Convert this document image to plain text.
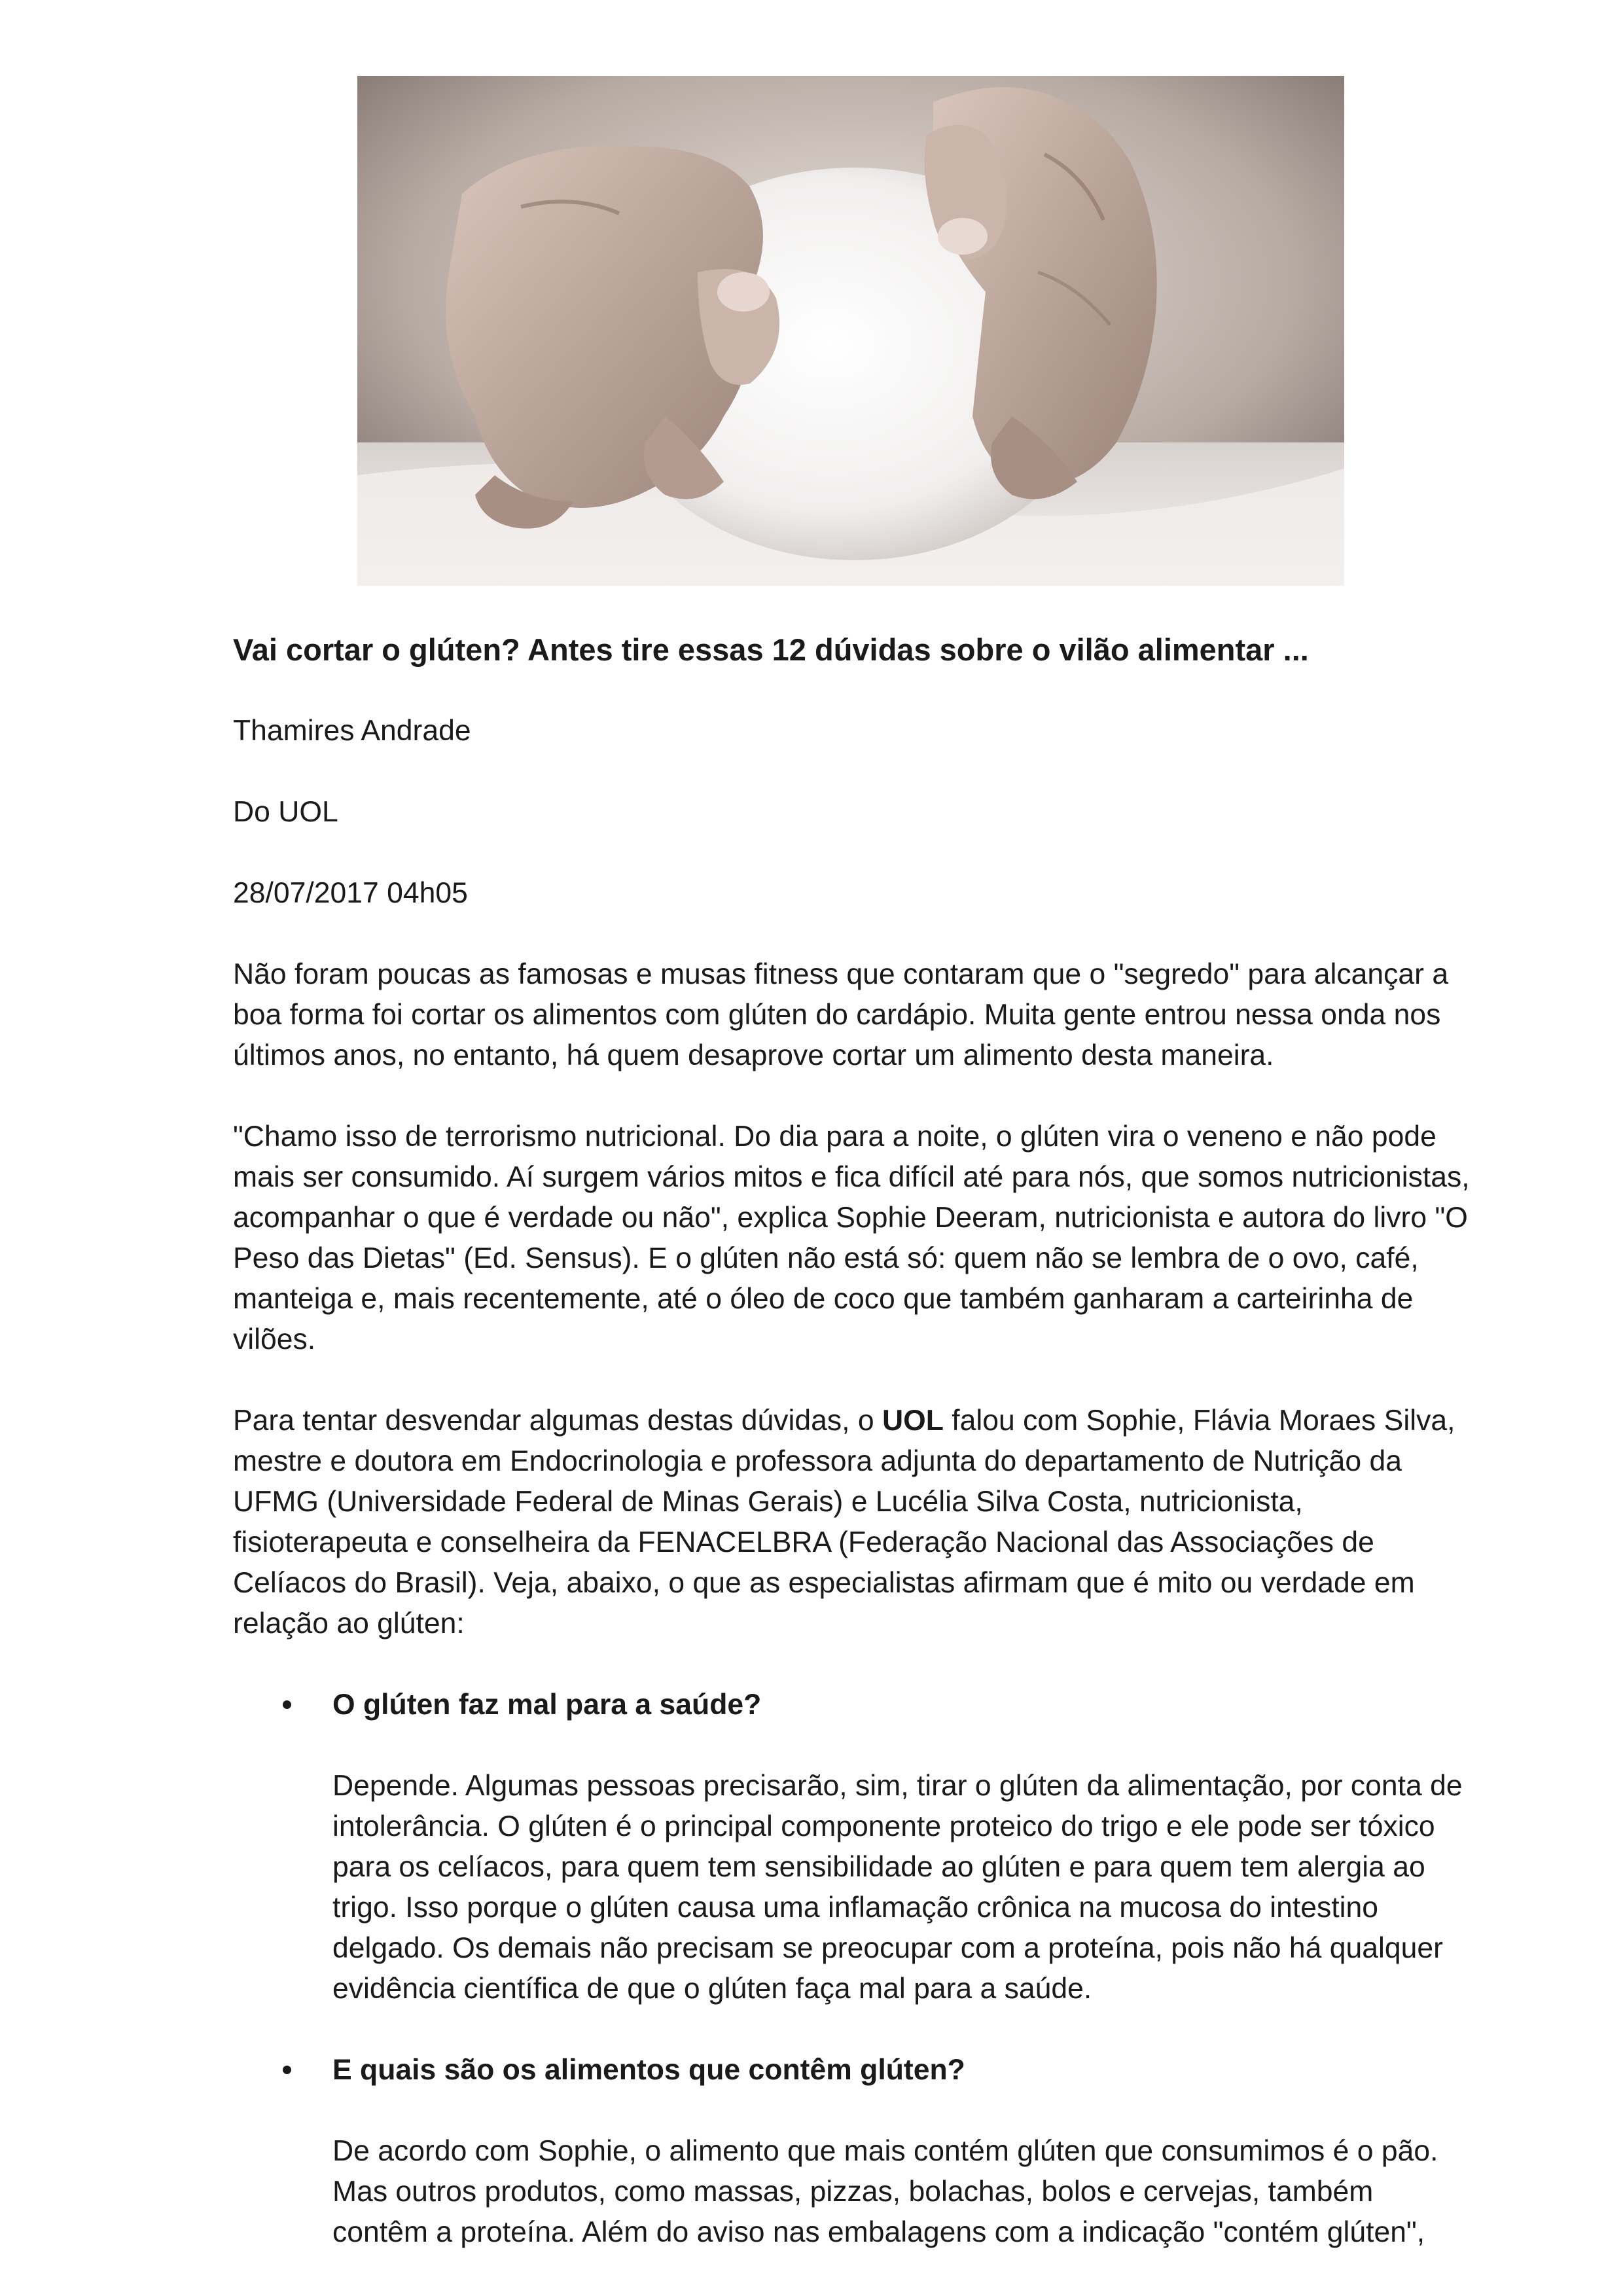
Vai cortar o glúten? Antes tire essas 12 dúvidas sobre o vilão alimentar ...

Thamires Andrade

Do UOL

28/07/2017 04h05

Não foram poucas as famosas e musas fitness que contaram que o "segredo" para alcançar a boa forma foi cortar os alimentos com glúten do cardápio. Muita gente entrou nessa onda nos últimos anos, no entanto, há quem desaprove cortar um alimento desta maneira.

"Chamo isso de terrorismo nutricional. Do dia para a noite, o glúten vira o veneno e não pode mais ser consumido. Aí surgem vários mitos e fica difícil até para nós, que somos nutricionistas, acompanhar o que é verdade ou não", explica Sophie Deeram, nutricionista e autora do livro "O Peso das Dietas" (Ed. Sensus). E o glúten não está só: quem não se lembra de o ovo, café, manteiga e, mais recentemente, até o óleo de coco que também ganharam a carteirinha de vilões.

Para tentar desvendar algumas destas dúvidas, o UOL falou com Sophie, Flávia Moraes Silva, mestre e doutora em Endocrinologia e professora adjunta do departamento de Nutrição da UFMG (Universidade Federal de Minas Gerais) e Lucélia Silva Costa, nutricionista, fisioterapeuta e conselheira da FENACELBRA (Federação Nacional das Associações de Celíacos do Brasil). Veja, abaixo, o que as especialistas afirmam que é mito ou verdade em relação ao glúten:

O glúten faz mal para a saúde?

Depende. Algumas pessoas precisarão, sim, tirar o glúten da alimentação, por conta de intolerância. O glúten é o principal componente proteico do trigo e ele pode ser tóxico para os celíacos, para quem tem sensibilidade ao glúten e para quem tem alergia ao trigo. Isso porque o glúten causa uma inflamação crônica na mucosa do intestino delgado. Os demais não precisam se preocupar com a proteína, pois não há qualquer evidência científica de que o glúten faça mal para a saúde.

E quais são os alimentos que contêm glúten?

De acordo com Sophie, o alimento que mais contém glúten que consumimos é o pão. Mas outros produtos, como massas, pizzas, bolachas, bolos e cervejas, também contêm a proteína. Além do aviso nas embalagens com a indicação "contém glúten",
